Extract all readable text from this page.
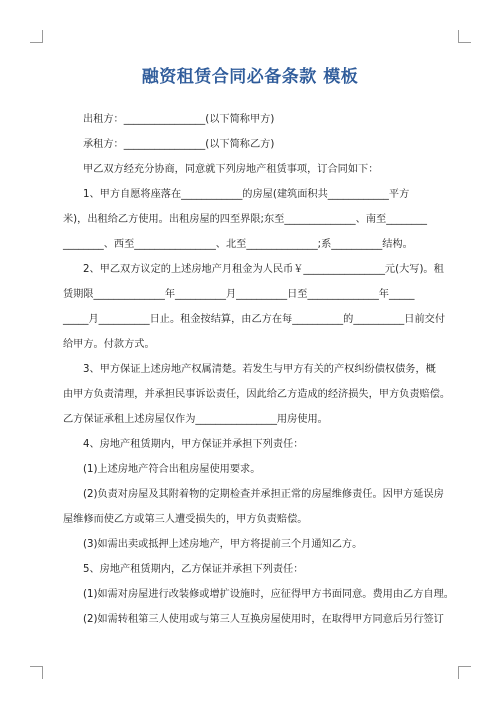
融资租赁合同必备条款 模板

出租方：________________(以下简称甲方)

承租方：________________(以下简称乙方)

甲乙双方经充分协商，同意就下列房地产租赁事项，订合同如下：

1、甲方自愿将座落在____________的房屋(建筑面积共____________平方

米)，出租给乙方使用。出租房屋的四至界限;东至______________、南至________

________、西至________________、北至______________;系__________结构。

2、甲乙双方议定的上述房地产月租金为人民币￥________________元(大写)。租

赁期限______________年__________月__________日至______________年_____

_____月__________日止。租金按结算，由乙方在每__________的__________日前交付

给甲方。付款方式。

3、甲方保证上述房地产权属清楚。若发生与甲方有关的产权纠纷债权债务，概

由甲方负责清理，并承担民事诉讼责任，因此给乙方造成的经济损失，甲方负责赔偿。

乙方保证承租上述房屋仅作为________________用房使用。

4、房地产租赁期内，甲方保证并承担下列责任：

(1)上述房地产符合出租房屋使用要求。

(2)负责对房屋及其附着物的定期检查并承担正常的房屋维修责任。因甲方延误房

屋维修而使乙方或第三人遭受损失的，甲方负责赔偿。

(3)如需出卖或抵押上述房地产，甲方将提前三个月通知乙方。

5、房地产租赁期内，乙方保证并承担下列责任：

(1)如需对房屋进行改装修或增扩设施时，应征得甲方书面同意。费用由乙方自理。

(2)如需转租第三人使用或与第三人互换房屋使用时，在取得甲方同意后另行签订
